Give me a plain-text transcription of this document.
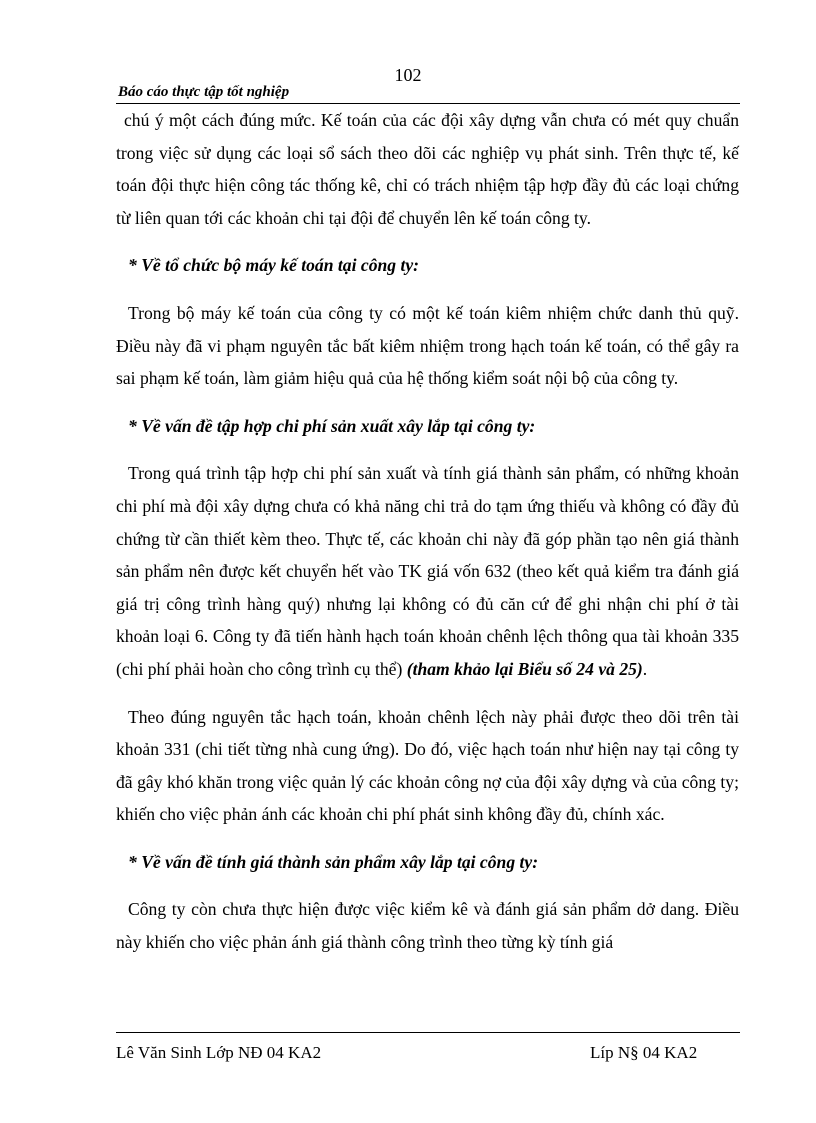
102
Báo cáo thực tập tốt nghiệp

chú ý một cách đúng mức. Kế toán của các đội xây dựng vẫn chưa có mét quy chuẩn trong việc sử dụng các loại sổ sách theo dõi các nghiệp vụ phát sinh. Trên thực tế, kế toán đội thực hiện công tác thống kê, chỉ có trách nhiệm tập hợp đầy đủ các loại chứng từ liên quan tới các khoản chi tại đội để chuyển lên kế toán công ty.

* Về tổ chức bộ máy kế toán tại công ty:

Trong bộ máy kế toán của công ty có một kế toán kiêm nhiệm chức danh thủ quỹ. Điều này đã vi phạm nguyên tắc bất kiêm nhiệm trong hạch toán kế toán, có thể gây ra sai phạm kế toán, làm giảm hiệu quả của hệ thống kiểm soát nội bộ của công ty.

* Về vấn đề tập hợp chi phí sản xuất xây lắp tại công ty:

Trong quá trình tập hợp chi phí sản xuất và tính giá thành sản phẩm, có những khoản chi phí mà đội xây dựng chưa có khả năng chi trả do tạm ứng thiếu và không có đầy đủ chứng từ cần thiết kèm theo. Thực tế, các khoản chi này đã góp phần tạo nên giá thành sản phẩm nên được kết chuyển hết vào TK giá vốn 632 (theo kết quả kiểm tra đánh giá giá trị công trình hàng quý) nhưng lại không có đủ căn cứ để ghi nhận chi phí ở tài khoản loại 6. Công ty đã tiến hành hạch toán khoản chênh lệch thông qua tài khoản 335 (chi phí phải hoàn cho công trình cụ thể) (tham khảo lại Biểu số 24 và 25).

Theo đúng nguyên tắc hạch toán, khoản chênh lệch này phải được theo dõi trên tài khoản 331 (chi tiết từng nhà cung ứng). Do đó, việc hạch toán như hiện nay tại công ty đã gây khó khăn trong việc quản lý các khoản công nợ của đội xây dựng và của công ty; khiến cho việc phản ánh các khoản chi phí phát sinh không đầy đủ, chính xác.

* Về vấn đề tính giá thành sản phẩm xây lắp tại công ty:

Công ty còn chưa thực hiện được việc kiểm kê và đánh giá sản phẩm dở dang. Điều này khiến cho việc phản ánh giá thành công trình theo từng kỳ tính giá

Lê Văn Sinh Lớp NĐ 04 KA2	Líp N§ 04 KA2
